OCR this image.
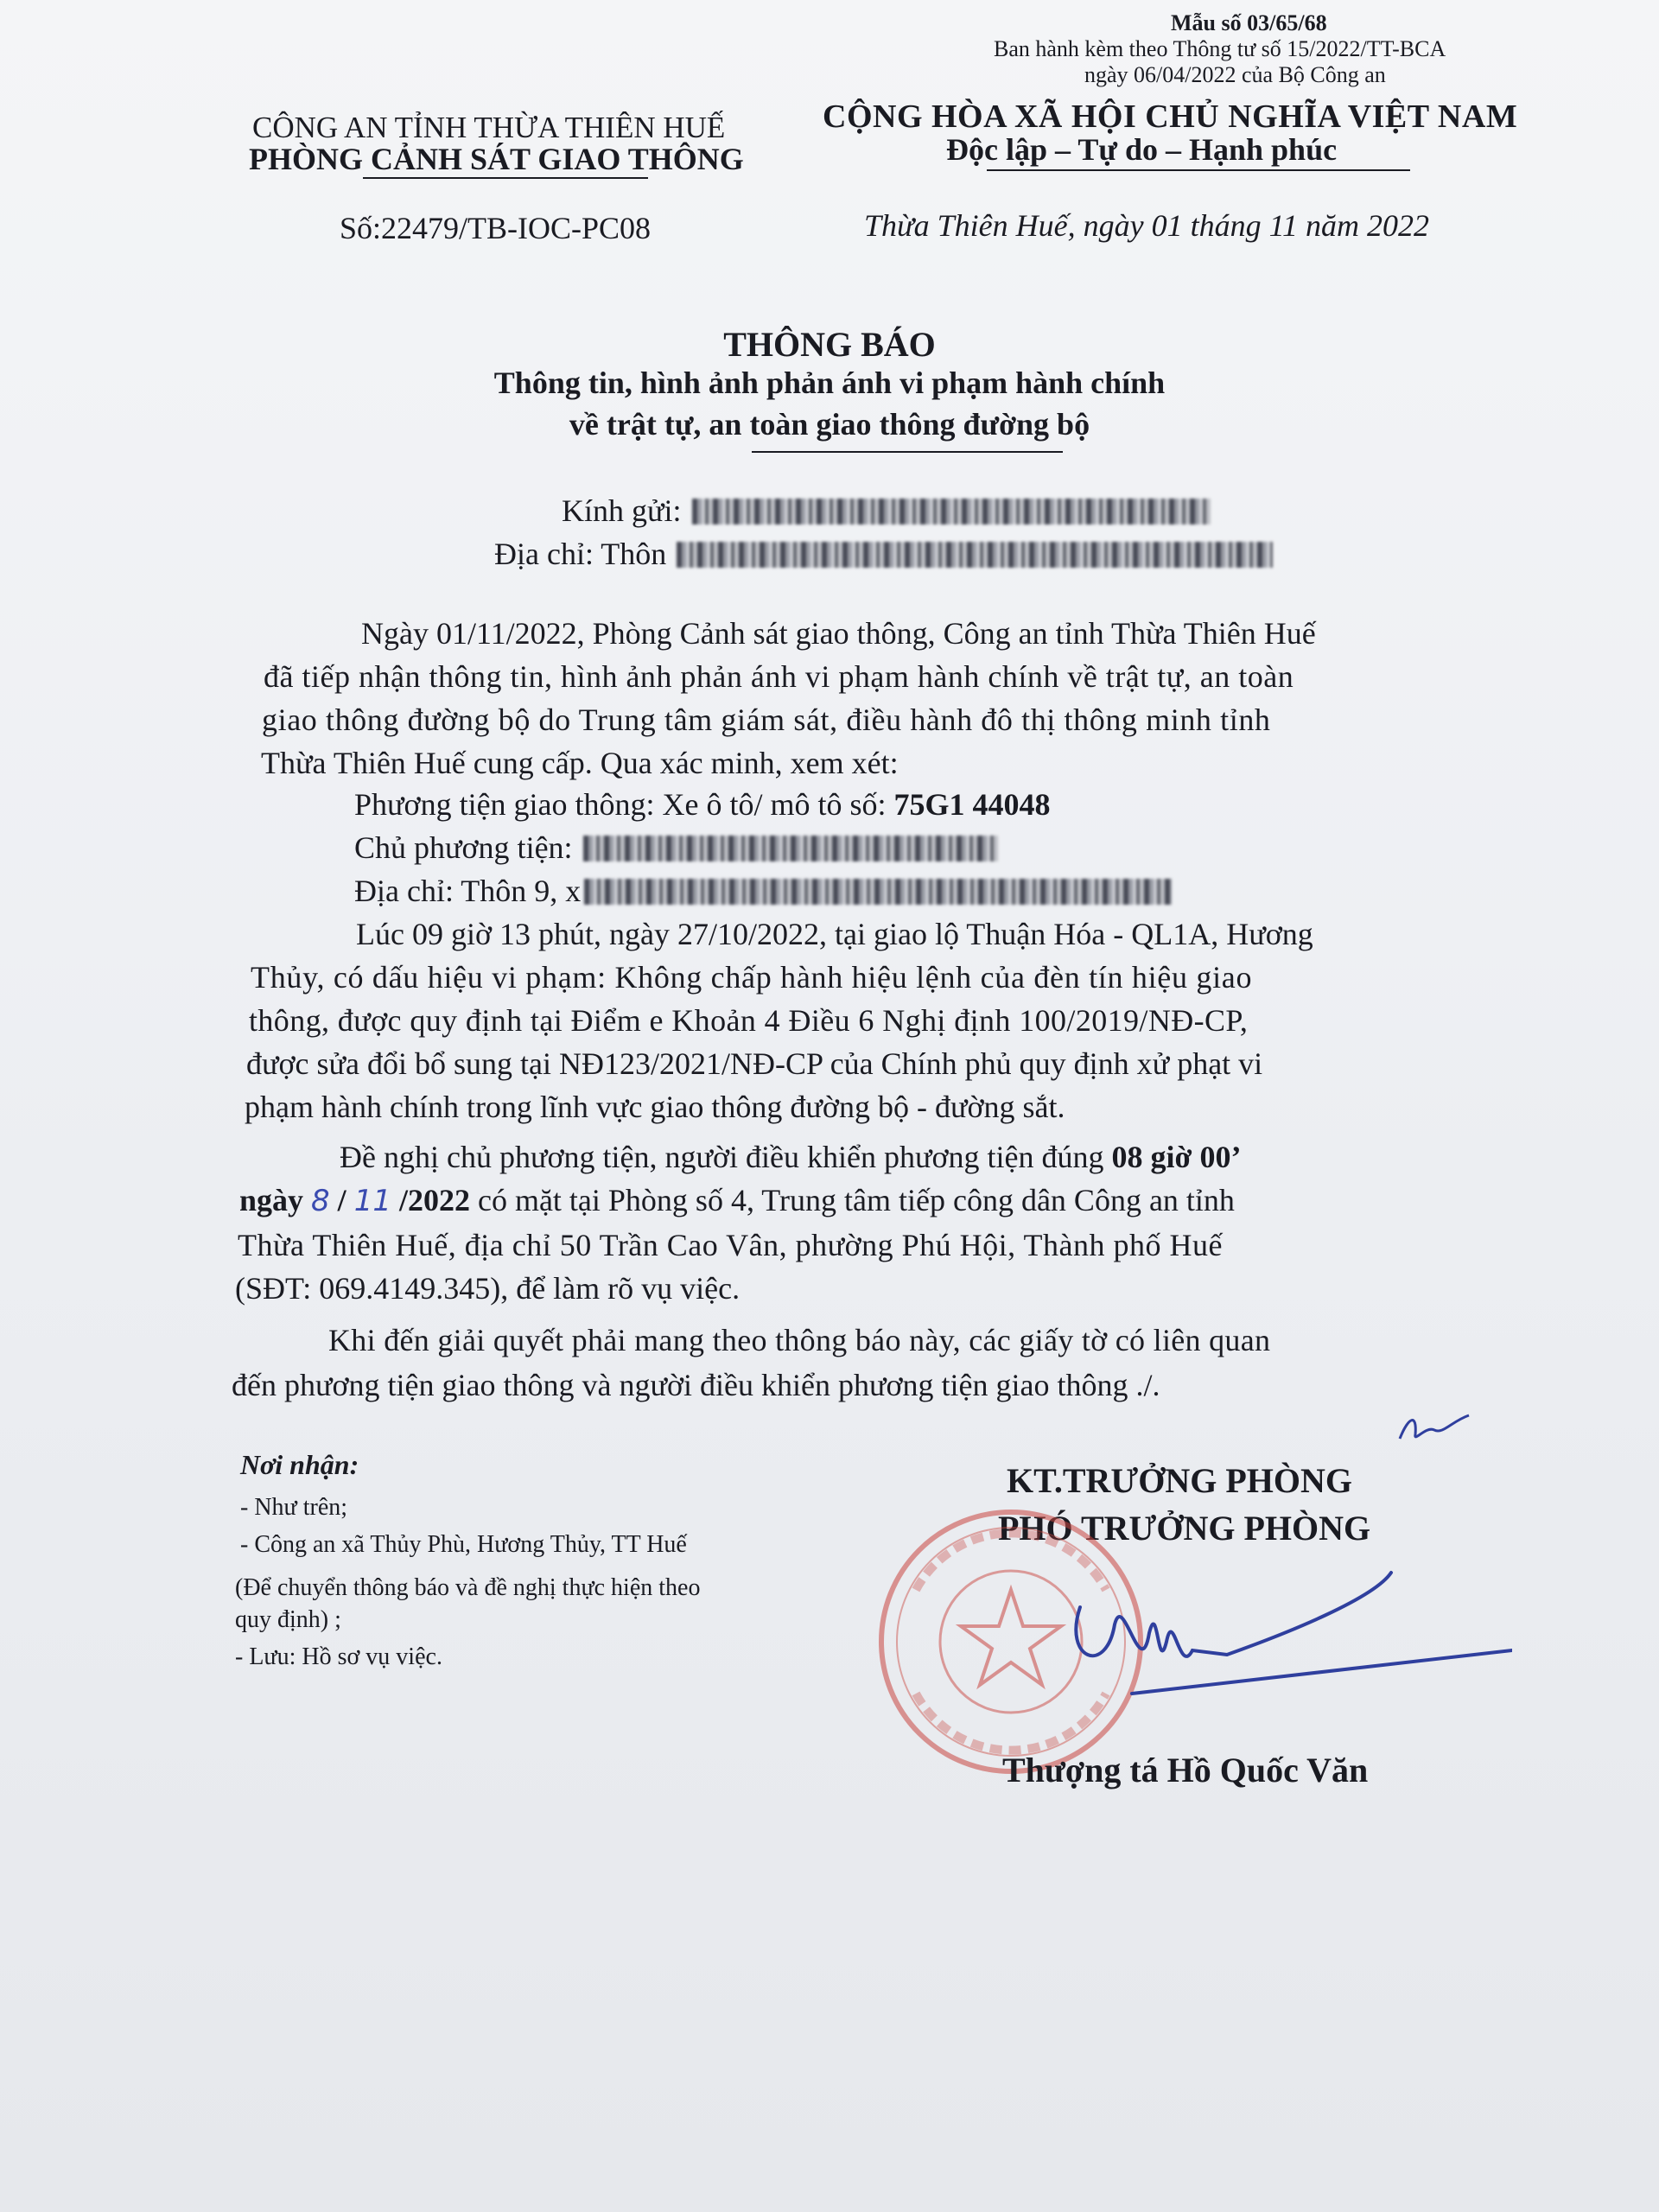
Mẫu số 03/65/68
Ban hành kèm theo Thông tư số 15/2022/TT-BCA
ngày 06/04/2022 của Bộ Công an
CÔNG AN TỈNH THỪA THIÊN HUẾ
PHÒNG CẢNH SÁT GIAO THÔNG
CỘNG HÒA XÃ HỘI CHỦ NGHĨA VIỆT NAM
Độc lập – Tự do – Hạnh phúc
Số:22479/TB-IOC-PC08	Thừa Thiên Huế, ngày 01 tháng 11 năm 2022
THÔNG BÁO
Thông tin, hình ảnh phản ánh vi phạm hành chính
về trật tự, an toàn giao thông đường bộ
Kính gửi:
Địa chỉ: Thôn
Ngày 01/11/2022, Phòng Cảnh sát giao thông, Công an tỉnh Thừa Thiên Huế
đã tiếp nhận thông tin, hình ảnh phản ánh vi phạm hành chính về trật tự, an toàn
giao thông đường bộ do Trung tâm giám sát, điều hành đô thị thông minh tỉnh
Thừa Thiên Huế cung cấp. Qua xác minh, xem xét:
Phương tiện giao thông: Xe ô tô/ mô tô số: 75G1 44048
Chủ phương tiện:
Địa chỉ: Thôn 9, x
Lúc 09 giờ 13 phút, ngày 27/10/2022, tại giao lộ Thuận Hóa - QL1A, Hương
Thủy, có dấu hiệu vi phạm: Không chấp hành hiệu lệnh của đèn tín hiệu giao
thông, được quy định tại Điểm e Khoản 4 Điều 6 Nghị định 100/2019/NĐ-CP,
được sửa đổi bổ sung tại NĐ123/2021/NĐ-CP của Chính phủ quy định xử phạt vi
phạm hành chính trong lĩnh vực giao thông đường bộ - đường sắt.
Đề nghị chủ phương tiện, người điều khiển phương tiện đúng 08 giờ 00’
ngày 8 / 11 /2022 có mặt tại Phòng số 4, Trung tâm tiếp công dân Công an tỉnh
Thừa Thiên Huế, địa chỉ 50 Trần Cao Vân, phường Phú Hội, Thành phố Huế
(SĐT: 069.4149.345), để làm rõ vụ việc.
Khi đến giải quyết phải mang theo thông báo này, các giấy tờ có liên quan
đến phương tiện giao thông và người điều khiển phương tiện giao thông ./.
Nơi nhận:
- Như trên;
- Công an xã Thủy Phù, Hương Thủy, TT Huế
(Để chuyển thông báo và đề nghị thực hiện theo
quy định) ;
- Lưu: Hồ sơ vụ việc.
KT.TRƯỞNG PHÒNG
PHÓ TRƯỞNG PHÒNG
Thượng tá Hồ Quốc Văn
